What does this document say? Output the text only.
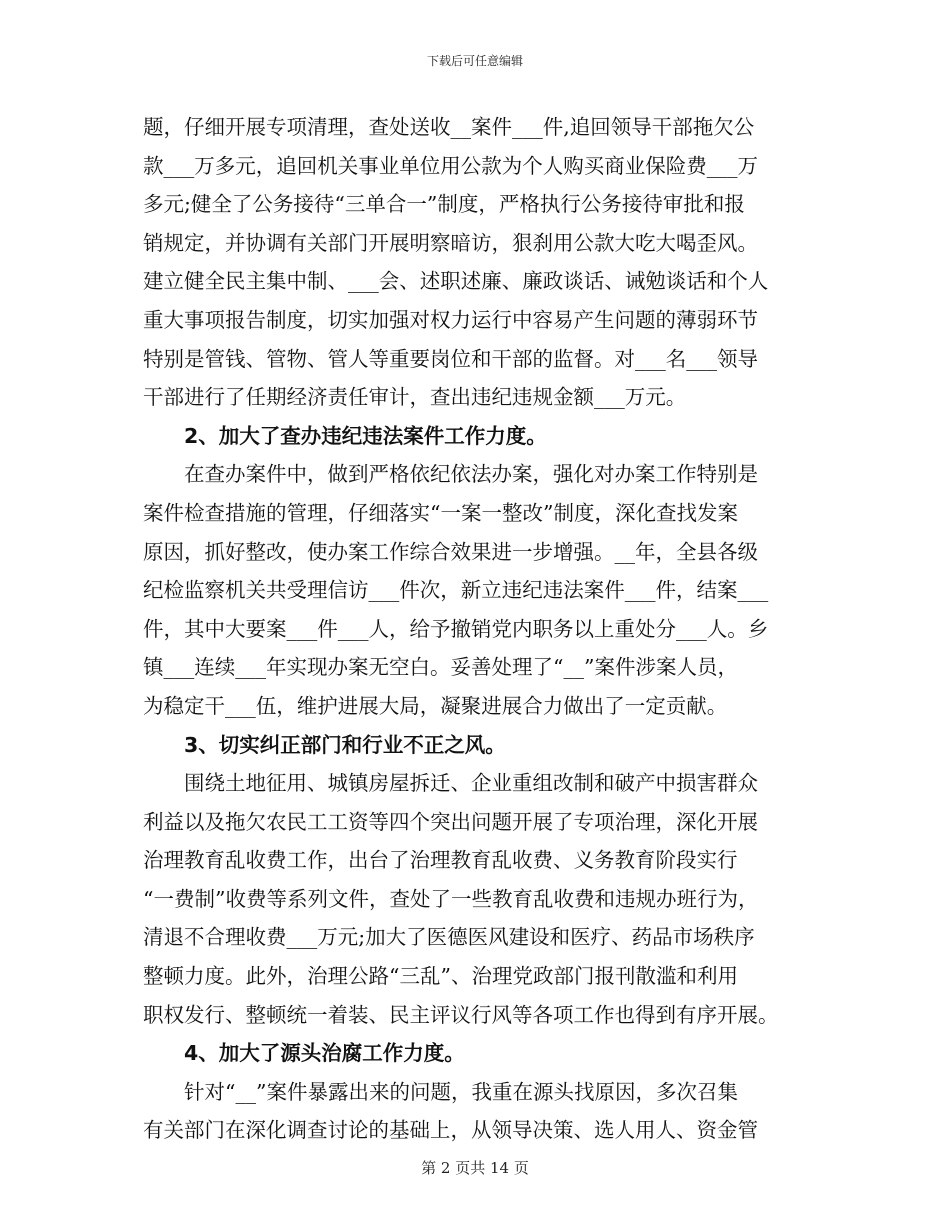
下载后可任意编辑
题，仔细开展专项清理，查处送收__案件___件,追回领导干部拖欠公
款___万多元，追回机关事业单位用公款为个人购买商业保险费___万
多元;健全了公务接待“三单合一”制度，严格执行公务接待审批和报
销规定，并协调有关部门开展明察暗访，狠刹用公款大吃大喝歪风。
建立健全民主集中制、___会、述职述廉、廉政谈话、诫勉谈话和个人
重大事项报告制度，切实加强对权力运行中容易产生问题的薄弱环节
特别是管钱、管物、管人等重要岗位和干部的监督。对___名___领导
干部进行了任期经济责任审计，查出违纪违规金额___万元。
2、加大了查办违纪违法案件工作力度。
在查办案件中，做到严格依纪依法办案，强化对办案工作特别是
案件检查措施的管理，仔细落实“一案一整改”制度，深化查找发案
原因，抓好整改，使办案工作综合效果进一步增强。__年，全县各级
纪检监察机关共受理信访___件次，新立违纪违法案件___件，结案___
件，其中大要案___件___人，给予撤销党内职务以上重处分___人。乡
镇___连续___年实现办案无空白。妥善处理了“__”案件涉案人员，
为稳定干___伍，维护进展大局，凝聚进展合力做出了一定贡献。
3、切实纠正部门和行业不正之风。
围绕土地征用、城镇房屋拆迁、企业重组改制和破产中损害群众
利益以及拖欠农民工工资等四个突出问题开展了专项治理，深化开展
治理教育乱收费工作，出台了治理教育乱收费、义务教育阶段实行
“一费制”收费等系列文件，查处了一些教育乱收费和违规办班行为，
清退不合理收费___万元;加大了医德医风建设和医疗、药品市场秩序
整顿力度。此外，治理公路“三乱”、治理党政部门报刊散滥和利用
职权发行、整顿统一着装、民主评议行风等各项工作也得到有序开展。
4、加大了源头治腐工作力度。
针对“__”案件暴露出来的问题，我重在源头找原因，多次召集
有关部门在深化调查讨论的基础上，从领导决策、选人用人、资金管
第 2 页共 14 页
